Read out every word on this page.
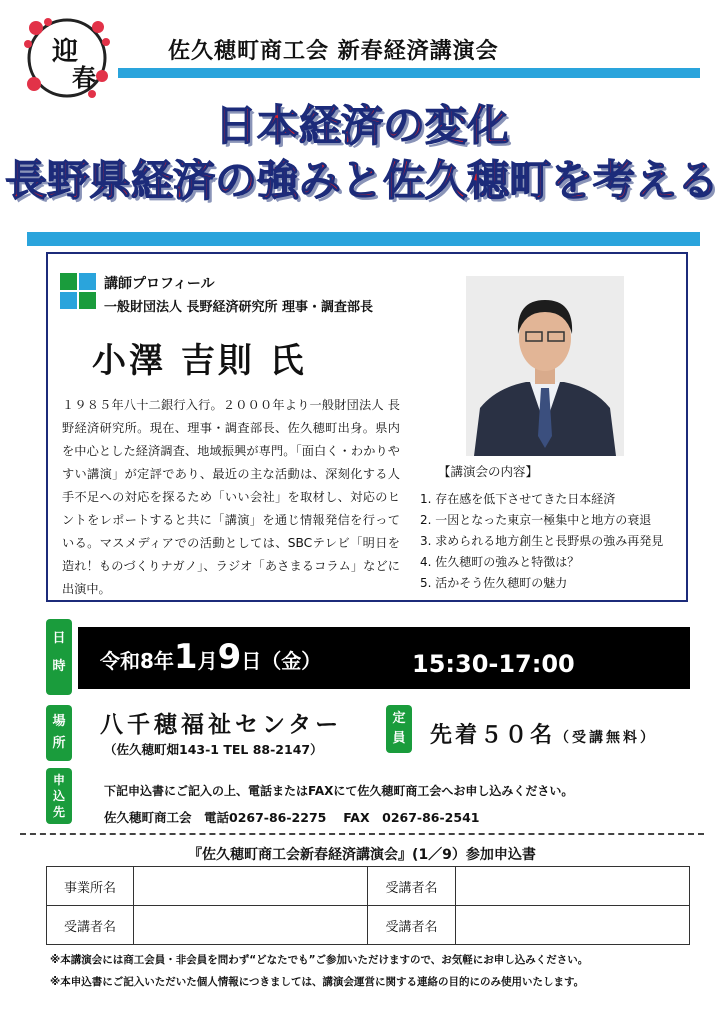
迎
春
佐久穂町商工会 新春経済講演会
日本経済の変化
長野県経済の強みと佐久穂町を考える
講師プロフィール
一般財団法人 長野経済研究所 理事・調査部長
小澤 吉則 氏
１９８５年八十二銀行入行。２０００年より一般財団法人 長野経済研究所。現在、理事・調査部長、佐久穂町出身。県内を中心とした経済調査、地域振興が専門。「面白く・わかりやすい講演」が定評であり、最近の主な活動は、深刻化する人手不足への対応を探るため「いい会社」を取材し、対応のヒントをレポートすると共に「講演」を通じ情報発信を行っている。マスメディアでの活動としては、SBCテレビ「明日を造れ！ものづくりナガノ」、ラジオ「あさまるコラム」などに出演中。
【講演会の内容】
1. 存在感を低下させてきた日本経済
2. 一因となった東京一極集中と地方の衰退
3. 求められる地方創生と長野県の強み再発見
4. 佐久穂町の強みと特徴は？
5. 活かそう佐久穂町の魅力
日
時	令和8年1月9日（金）	15:30-17:00
場
所
八千穂福祉センター
（佐久穂町畑143-1 TEL 88-2147）
定
員 先着５０名（受講無料）
申
込
先
下記申込書にご記入の上、電話またはFAXにて佐久穂町商工会へお申し込みください。
佐久穂町商工会　電話0267-86-2275　 FAX　0267-86-2541
『佐久穂町商工会新春経済講演会』(1／9）参加申込書
事業所名		受講者名	
受講者名		受講者名	
※本講演会には商工会員・非会員を問わず“どなたでも”ご参加いただけますので、お気軽にお申し込みください。
※本申込書にご記入いただいた個人情報につきましては、講演会運営に関する連絡の目的にのみ使用いたします。
